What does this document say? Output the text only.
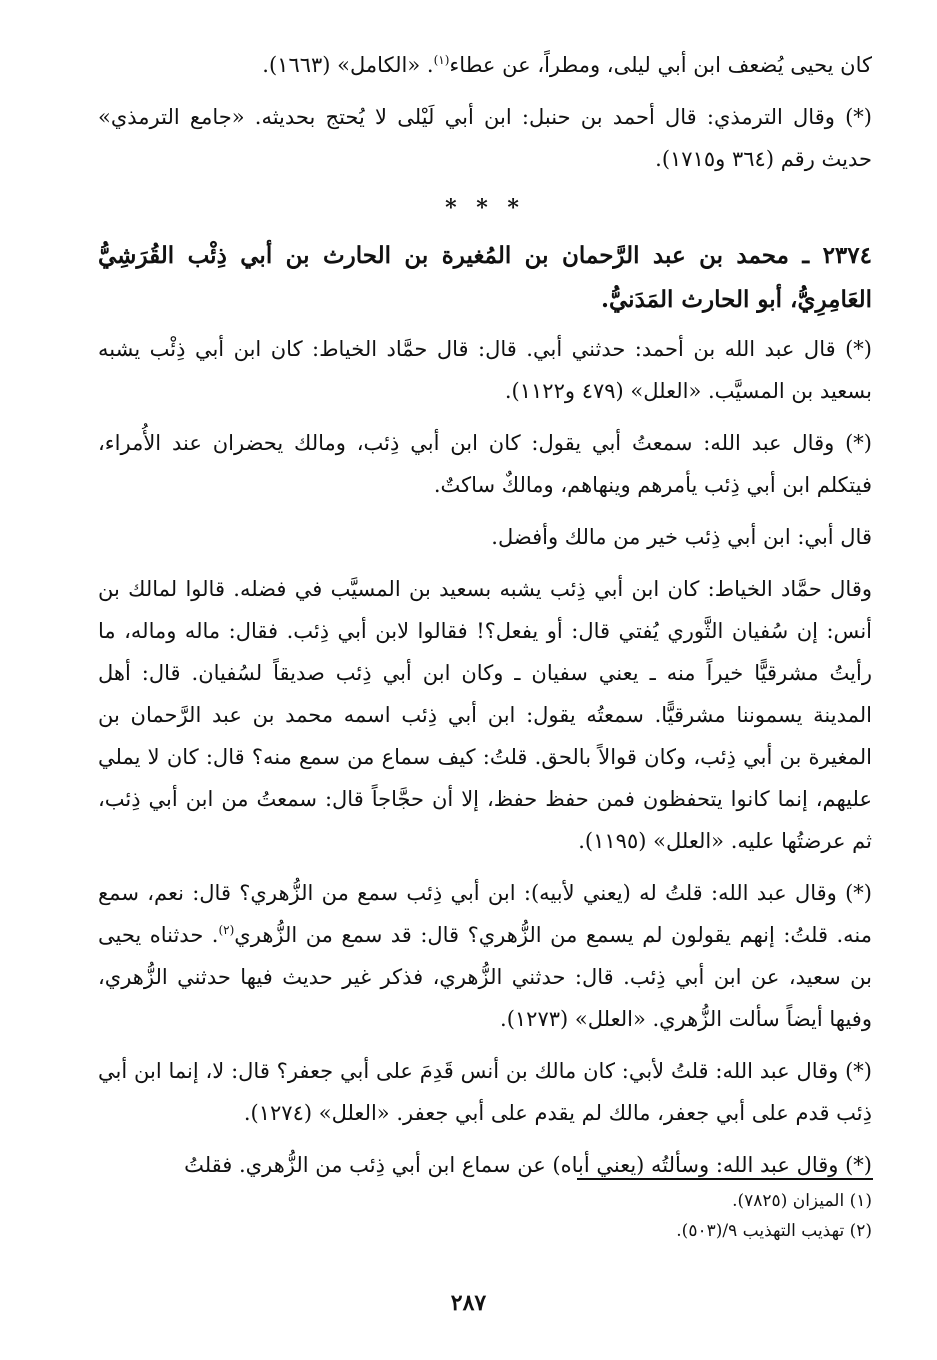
كان يحيى يُضعف ابن أبي ليلى، ومطراً، عن عطاء$^{(١)}$. «الكامل» (١٦٦٣).

(*) وقال الترمذي: قال أحمد بن حنبل: ابن أبي لَيْلى لا يُحتج بحديثه. «جامع الترمذي» حديث رقم (٣٦٤ و١٧١٥).

* * *

٢٣٧٤ ـ محمد بن عبد الرَّحمان بن المُغيرة بن الحارث بن أبي ذِئْب القُرَشِيُّ العَامِرِيُّ، أبو الحارث المَدَنيُّ.

(*) قال عبد الله بن أحمد: حدثني أبي. قال: قال حمَّاد الخياط: كان ابن أبي ذِئْب يشبه بسعيد بن المسيَّب. «العلل» (٤٧٩ و١١٢٢).

(*) وقال عبد الله: سمعتُ أبي يقول: كان ابن أبي ذِئب، ومالك يحضران عند الأُمراء، فيتكلم ابن أبي ذِئب يأمرهم وينهاهم، ومالكٌ ساكتٌ.

قال أبي: ابن أبي ذِئب خير من مالك وأفضل.

وقال حمَّاد الخياط: كان ابن أبي ذِئب يشبه بسعيد بن المسيَّب في فضله. قالوا لمالك بن أنس: إن سُفيان الثَّوري يُفتي قال: أو يفعل؟! فقالوا لابن أبي ذِئب. فقال: ماله وماله، ما رأيتُ مشرقيًّا خيراً منه ـ يعني سفيان ـ وكان ابن أبي ذِئب صديقاً لسُفيان. قال: أهل المدينة يسموننا مشرقيًّا. سمعتُه يقول: ابن أبي ذِئب اسمه محمد بن عبد الرَّحمان بن المغيرة بن أبي ذِئب، وكان قوالاً بالحق. قلتُ: كيف سماع من سمع منه؟ قال: كان لا يملي عليهم، إنما كانوا يتحفظون فمن حفظ حفظ، إلا أن حجَّاجاً قال: سمعتُ من ابن أبي ذِئب، ثم عرضتُها عليه. «العلل» (١١٩٥).

(*) وقال عبد الله: قلتُ له (يعني لأبيه): ابن أبي ذِئب سمع من الزُّهري؟ قال: نعم، سمع منه. قلتُ: إنهم يقولون لم يسمع من الزُّهري؟ قال: قد سمع من الزُّهري$^{(٢)}$. حدثناه يحيى بن سعيد، عن ابن أبي ذِئب. قال: حدثني الزُّهري، فذكر غير حديث فيها حدثني الزُّهري، وفيها أيضاً سألت الزُّهري. «العلل» (١٢٧٣).

(*) وقال عبد الله: قلتُ لأبي: كان مالك بن أنس قَدِمَ على أبي جعفر؟ قال: لا، إنما ابن أبي ذِئب قدم على أبي جعفر، مالك لم يقدم على أبي جعفر. «العلل» (١٢٧٤).

(*) وقال عبد الله: وسألتُه (يعني أباه) عن سماع ابن أبي ذِئب من الزُّهري. فقلتُ

(١) الميزان (٧٨٢٥).

(٢) تهذيب التهذيب ٩/(٥٠٣).

٢٨٧
